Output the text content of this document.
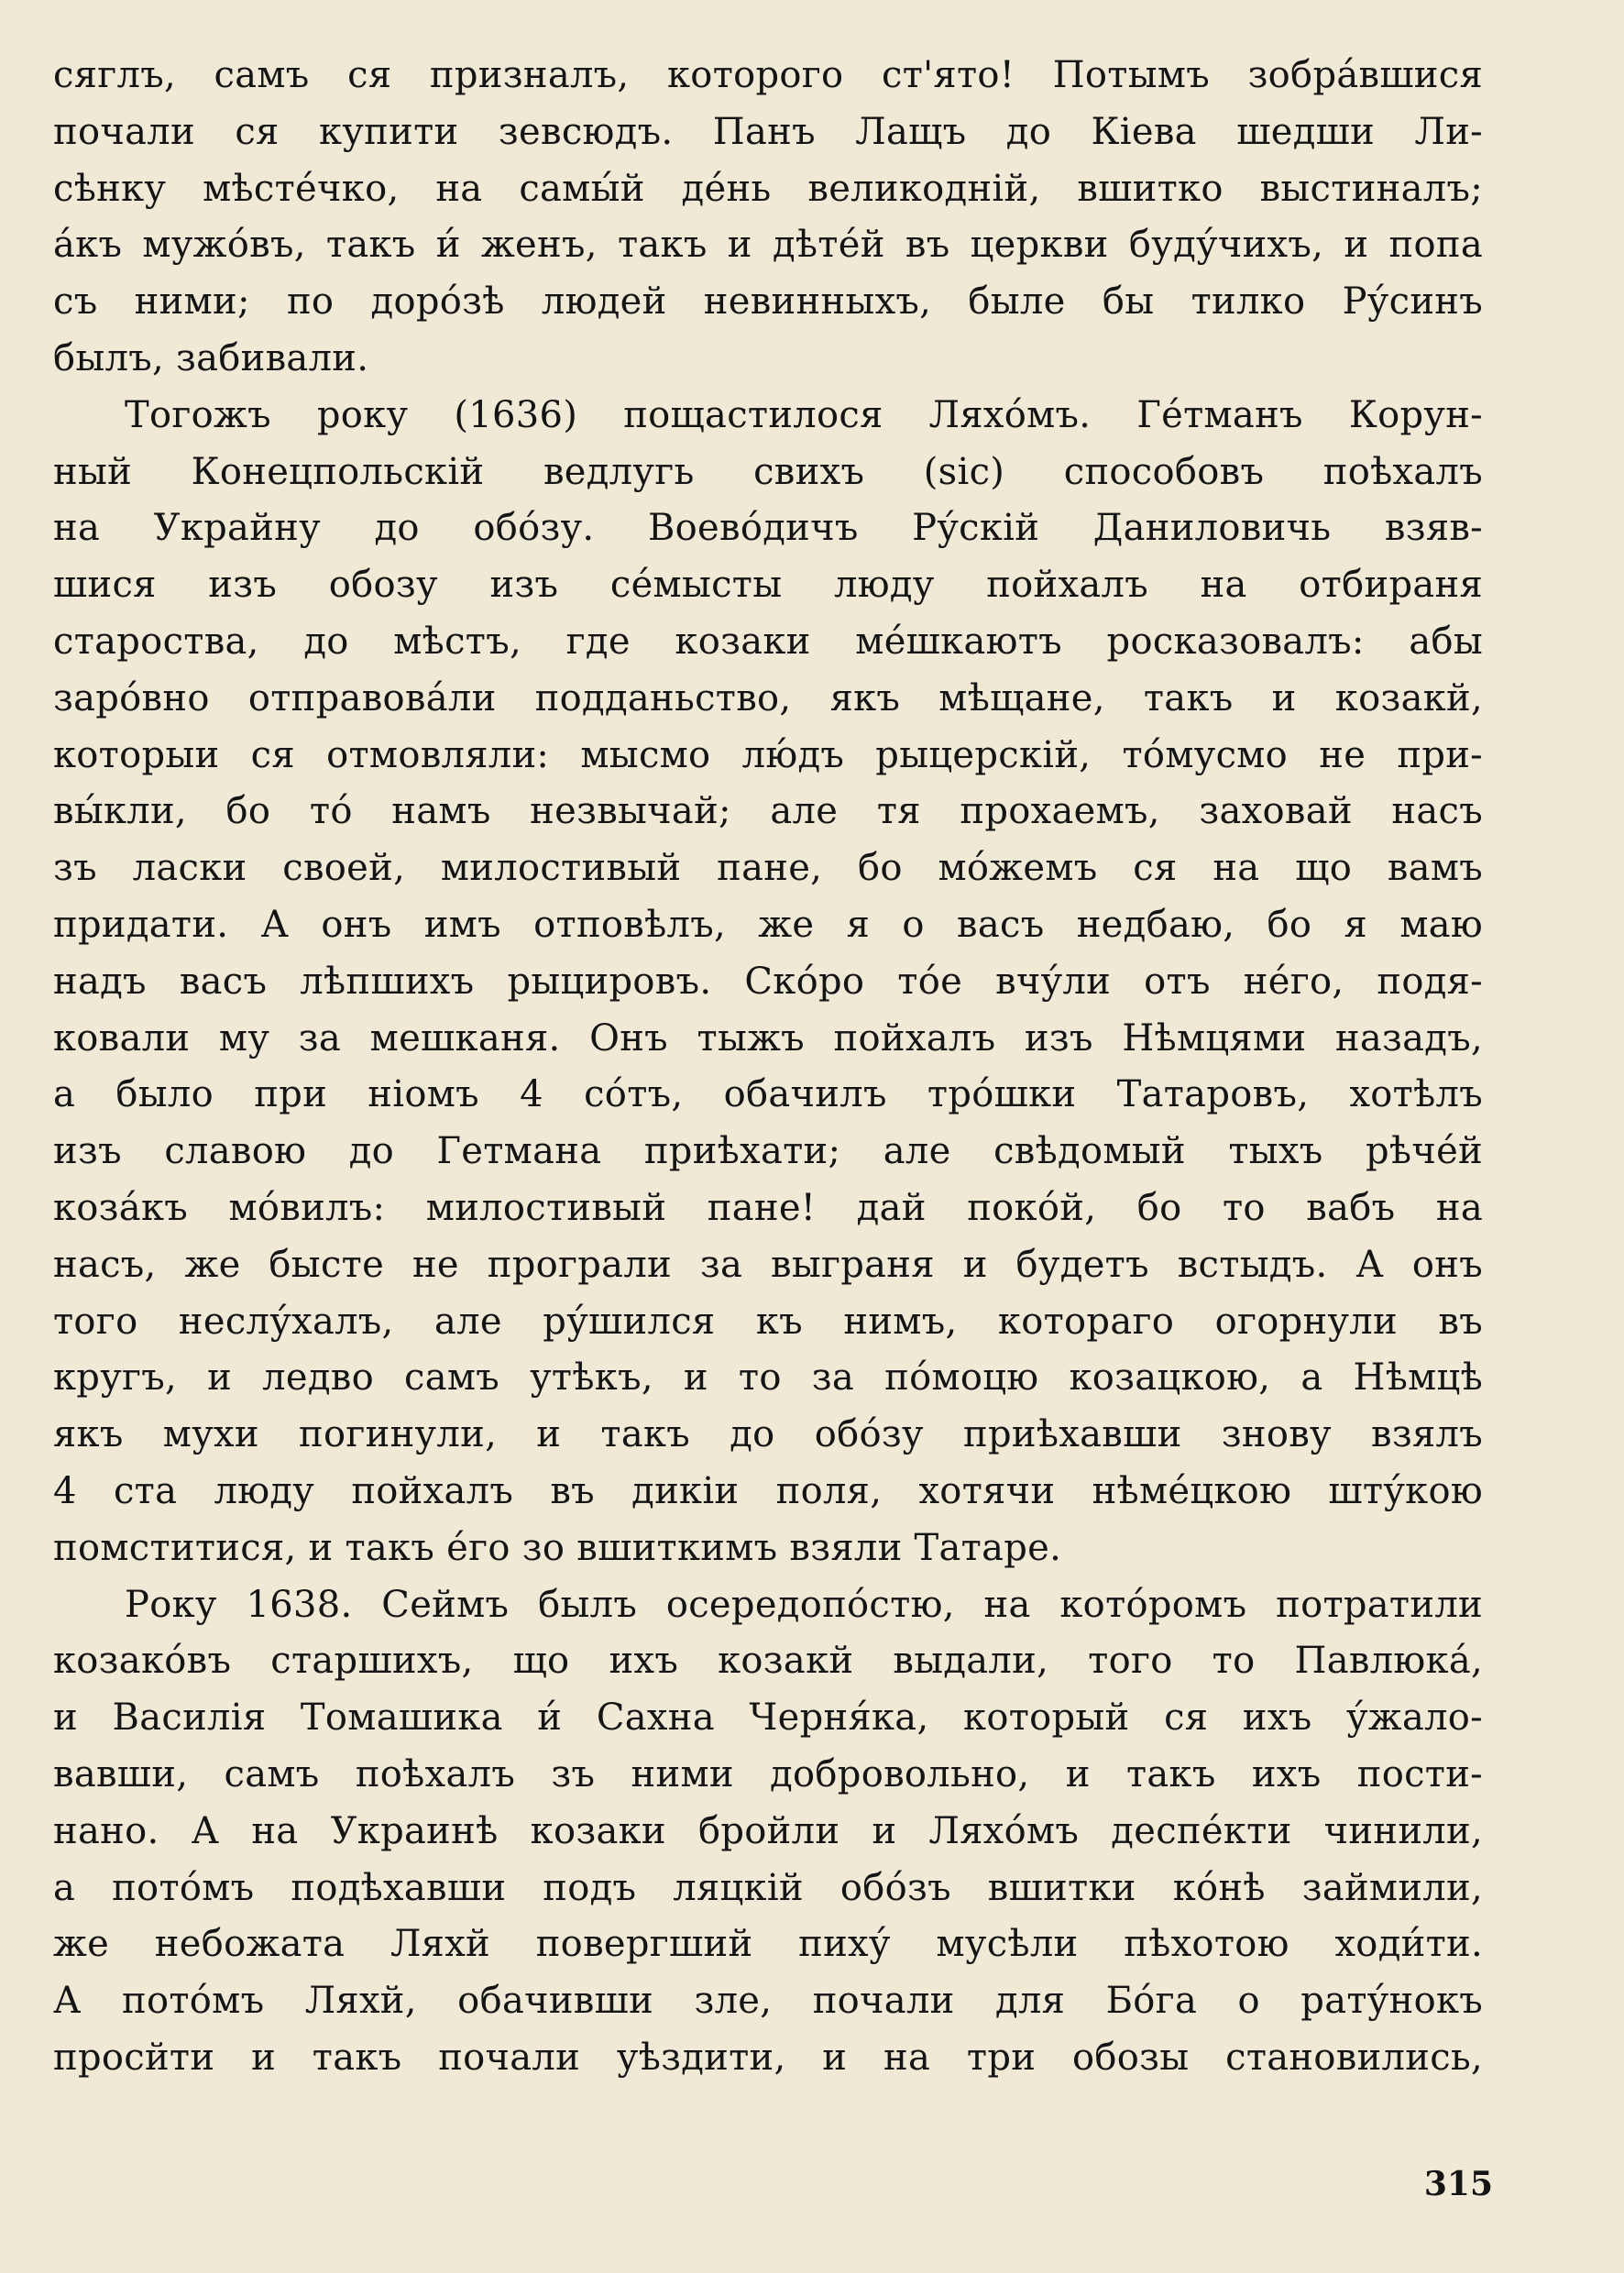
сяглъ, самъ ся призналъ, которого ст'ято! Потымъ зобра́вшися
почали ся купити зевсюдъ. Панъ Лащъ до Кіева шедши Ли-
сѣнку мѣсте́чко, на самы́й де́нь великоднiй, вшитко выстиналъ;
а́къ мужо́въ, такъ и́ женъ, такъ и дѣте́й въ церкви буду́чихъ, и попа
съ ними; по доро́зѣ людей невинныхъ, быле бы тилко Ру́синъ
былъ, забивали.
Тогожъ року (1636) пощастилося Ляхо́мъ. Ге́тманъ Корун-
ный Конецпольскій ведлугь свихъ (sic) способовъ поѣхалъ
на Украйну до обо́зу. Воево́дичъ Ру́скій Даниловичь взяв-
шися изъ обозу изъ се́мысты люду пойхалъ на отбираня
староства, до мѣстъ, где козаки ме́шкаютъ росказовалъ: абы
заро́вно отправова́ли подданьство, якъ мѣщане, такъ и козакй,
которыи ся отмовляли: мысмо лю́дъ рыцерскій, то́мусмо не при-
вы́кли, бо то́ намъ незвычай; але тя прохаемъ, заховай насъ
зъ ласки своей, милостивый пане, бо мо́жемъ ся на що вамъ
придати. А онъ имъ отповѣлъ, же я о васъ недбаю, бо я маю
надъ васъ лѣпшихъ рыцировъ. Ско́ро то́е вчу́ли отъ не́го, подя-
ковали му за мешканя. Онъ тыжъ пойхалъ изъ Нѣмцями назадъ,
а было при ніомъ 4 со́тъ, обачилъ тро́шки Татаровъ, хотѣлъ
изъ славою до Гетмана приѣхати; але свѣдомый тыхъ рѣче́й
коза́къ мо́вилъ: милостивый пане! дай поко́й, бо то вабъ на
насъ, же бысте не програли за выграня и будетъ встыдъ. А онъ
того неслу́халъ, але ру́шился къ нимъ, котораго огорнули въ
кругъ, и ледво самъ утѣкъ, и то за по́моцю козацкою, а Нѣмцѣ
якъ мухи погинули, и такъ до обо́зу приѣхавши знову взялъ
4 ста люду пойхалъ въ дикiи поля, хотячи нѣме́цкою шту́кою
помститися, и такъ е́го зо вшиткимъ взяли Татаре.
Року 1638. Сеймъ былъ осередопо́стю, на кото́ромъ потратили
козако́въ старшихъ, що ихъ козакй выдали, того то Павлюка́,
и Василія Томашика и́ Сахна Черня́ка, который ся ихъ у́жало-
вавши, самъ поѣхалъ зъ ними добровольно, и такъ ихъ пости-
нано. А на Украинѣ козаки бройли и Ляхо́мъ деспе́кти чинили,
а пото́мъ подѣхавши подъ ляцкій обо́зъ вшитки ко́нѣ займили,
же небожата Ляхй повергший пиху́ мусѣли пѣхотою ходи́ти.
А пото́мъ Ляхй, обачивши зле, почали для Бо́га о рату́нокъ
просйти и такъ почали уѣздити, и на три обозы становились,
315
